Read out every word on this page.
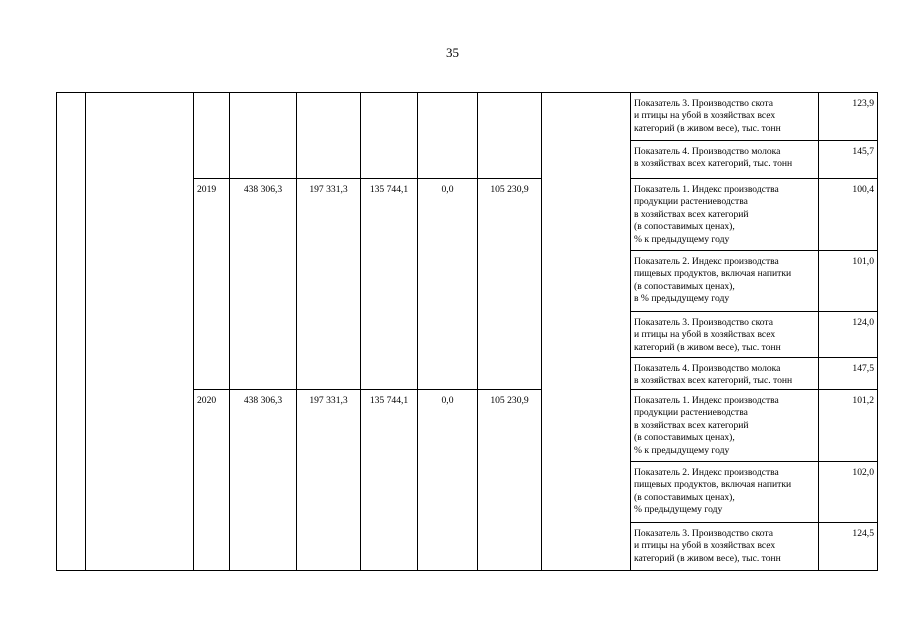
35
									Показатель 3. Производство скота
и птицы на убой в хозяйствах всех
категорий (в живом весе), тыс. тонн	123,9
									Показатель 4. Производство молока
в хозяйствах всех категорий, тыс. тонн	145,7
		2019	438 306,3	197 331,3	135 744,1	0,0	105 230,9		Показатель 1. Индекс производства
продукции растениеводства
в хозяйствах всех категорий
(в сопоставимых ценах),
% к предыдущему году	100,4
									Показатель 2. Индекс производства
пищевых продуктов, включая напитки
(в сопоставимых ценах),
в % предыдущему году	101,0
									Показатель 3. Производство скота
и птицы на убой в хозяйствах всех
категорий (в живом весе), тыс. тонн	124,0
									Показатель 4. Производство молока
в хозяйствах всех категорий, тыс. тонн	147,5
		2020	438 306,3	197 331,3	135 744,1	0,0	105 230,9		Показатель 1. Индекс производства
продукции растениеводства
в хозяйствах всех категорий
(в сопоставимых ценах),
% к предыдущему году	101,2
									Показатель 2. Индекс производства
пищевых продуктов, включая напитки
(в сопоставимых ценах),
% предыдущему году	102,0
									Показатель 3. Производство скота
и птицы на убой в хозяйствах всех
категорий (в живом весе), тыс. тонн	124,5
